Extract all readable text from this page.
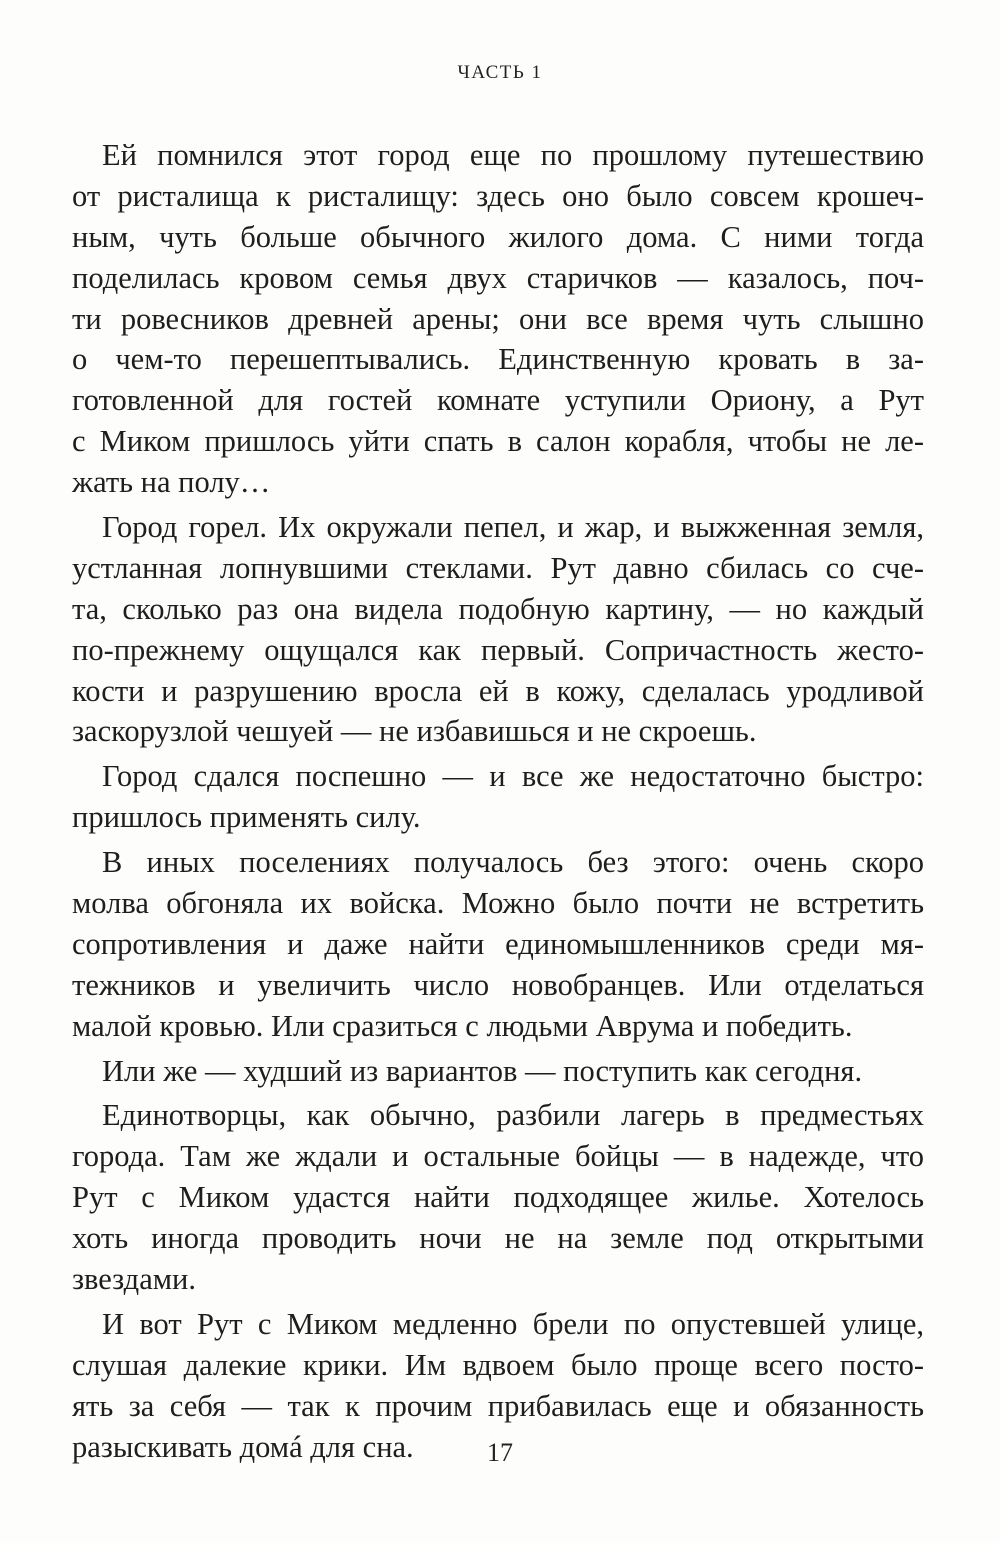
ЧАСТЬ 1
Ей помнился этот город еще по прошлому путешествию
от ристалища к ристалищу: здесь оно было совсем крошеч-
ным, чуть больше обычного жилого дома. С ними тогда
поделилась кровом семья двух старичков — казалось, поч-
ти ровесников древней арены; они все время чуть слышно
о чем-то перешептывались. Единственную кровать в за-
готовленной для гостей комнате уступили Ориону, а Рут
с Миком пришлось уйти спать в салон корабля, чтобы не ле-
жать на полу…
Город горел. Их окружали пепел, и жар, и выжженная земля,
устланная лопнувшими стеклами. Рут давно сбилась со сче-
та, сколько раз она видела подобную картину, — но каждый
по-прежнему ощущался как первый. Сопричастность жесто-
кости и разрушению вросла ей в кожу, сделалась уродливой
заскорузлой чешуей — не избавишься и не скроешь.
Город сдался поспешно — и все же недостаточно быстро:
пришлось применять силу.
В иных поселениях получалось без этого: очень скоро
молва обгоняла их войска. Можно было почти не встретить
сопротивления и даже найти единомышленников среди мя-
тежников и увеличить число новобранцев. Или отделаться
малой кровью. Или сразиться с людьми Аврума и победить.
Или же — худший из вариантов — поступить как сегодня.
Единотворцы, как обычно, разбили лагерь в предместьях
города. Там же ждали и остальные бойцы — в надежде, что
Рут с Миком удастся найти подходящее жилье. Хотелось
хоть иногда проводить ночи не на земле под открытыми
звездами.
И вот Рут с Миком медленно брели по опустевшей улице,
слушая далекие крики. Им вдвоем было проще всего посто-
ять за себя — так к прочим прибавилась еще и обязанность
разыскивать домá для сна.	17
